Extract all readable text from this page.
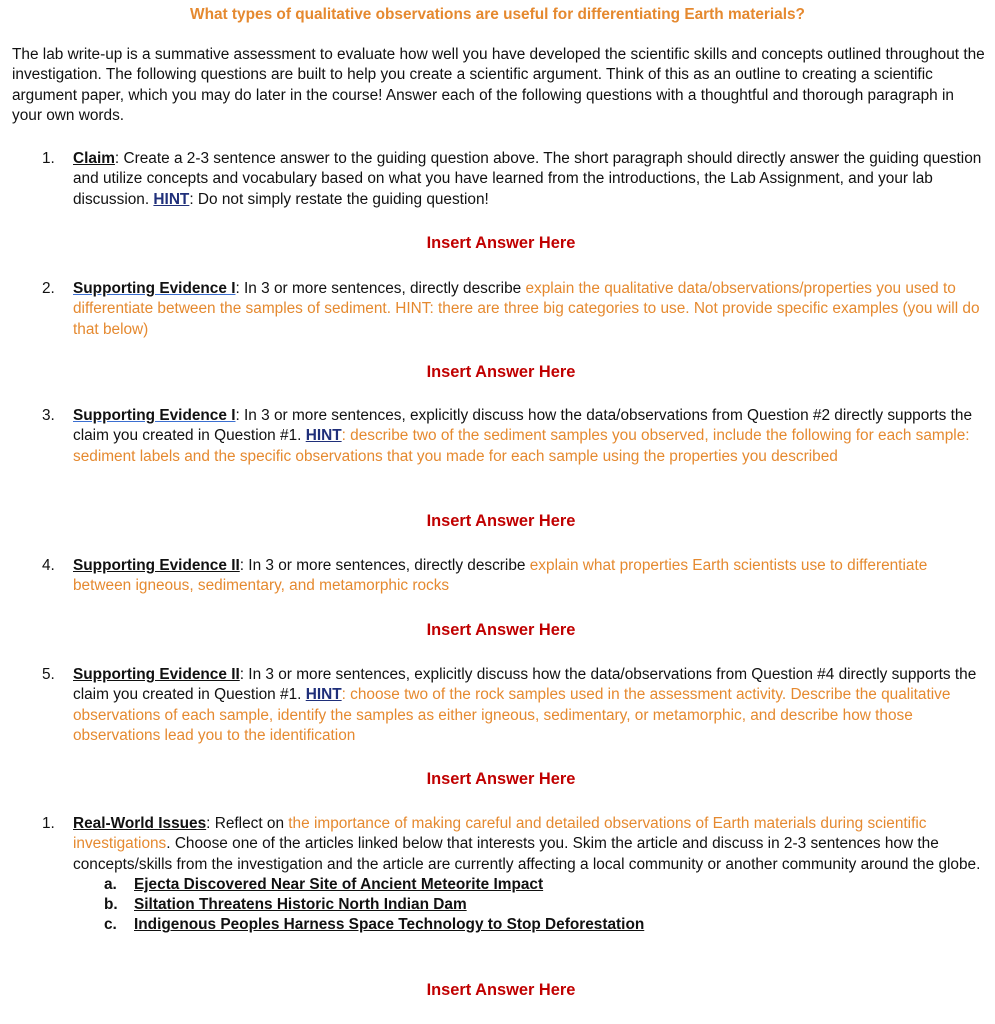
What types of qualitative observations are useful for differentiating Earth materials?
The lab write-up is a summative assessment to evaluate how well you have developed the scientific skills and concepts outlined throughout the investigation. The following questions are built to help you create a scientific argument. Think of this as an outline to creating a scientific argument paper, which you may do later in the course! Answer each of the following questions with a thoughtful and thorough paragraph in your own words.
1. Claim: Create a 2-3 sentence answer to the guiding question above. The short paragraph should directly answer the guiding question and utilize concepts and vocabulary based on what you have learned from the introductions, the Lab Assignment, and your lab discussion. HINT: Do not simply restate the guiding question!
Insert Answer Here
2. Supporting Evidence I: In 3 or more sentences, directly describe explain the qualitative data/observations/properties you used to differentiate between the samples of sediment. HINT: there are three big categories to use. Not provide specific examples (you will do that below)
Insert Answer Here
3. Supporting Evidence I: In 3 or more sentences, explicitly discuss how the data/observations from Question #2 directly supports the claim you created in Question #1. HINT: describe two of the sediment samples you observed, include the following for each sample: sediment labels and the specific observations that you made for each sample using the properties you described
Insert Answer Here
4. Supporting Evidence II: In 3 or more sentences, directly describe explain what properties Earth scientists use to differentiate between igneous, sedimentary, and metamorphic rocks
Insert Answer Here
5. Supporting Evidence II: In 3 or more sentences, explicitly discuss how the data/observations from Question #4 directly supports the claim you created in Question #1. HINT: choose two of the rock samples used in the assessment activity. Describe the qualitative observations of each sample, identify the samples as either igneous, sedimentary, or metamorphic, and describe how those observations lead you to the identification
Insert Answer Here
1. Real-World Issues: Reflect on the importance of making careful and detailed observations of Earth materials during scientific investigations. Choose one of the articles linked below that interests you. Skim the article and discuss in 2-3 sentences how the concepts/skills from the investigation and the article are currently affecting a local community or another community around the globe.
a. Ejecta Discovered Near Site of Ancient Meteorite Impact
b. Siltation Threatens Historic North Indian Dam
c. Indigenous Peoples Harness Space Technology to Stop Deforestation
Insert Answer Here
